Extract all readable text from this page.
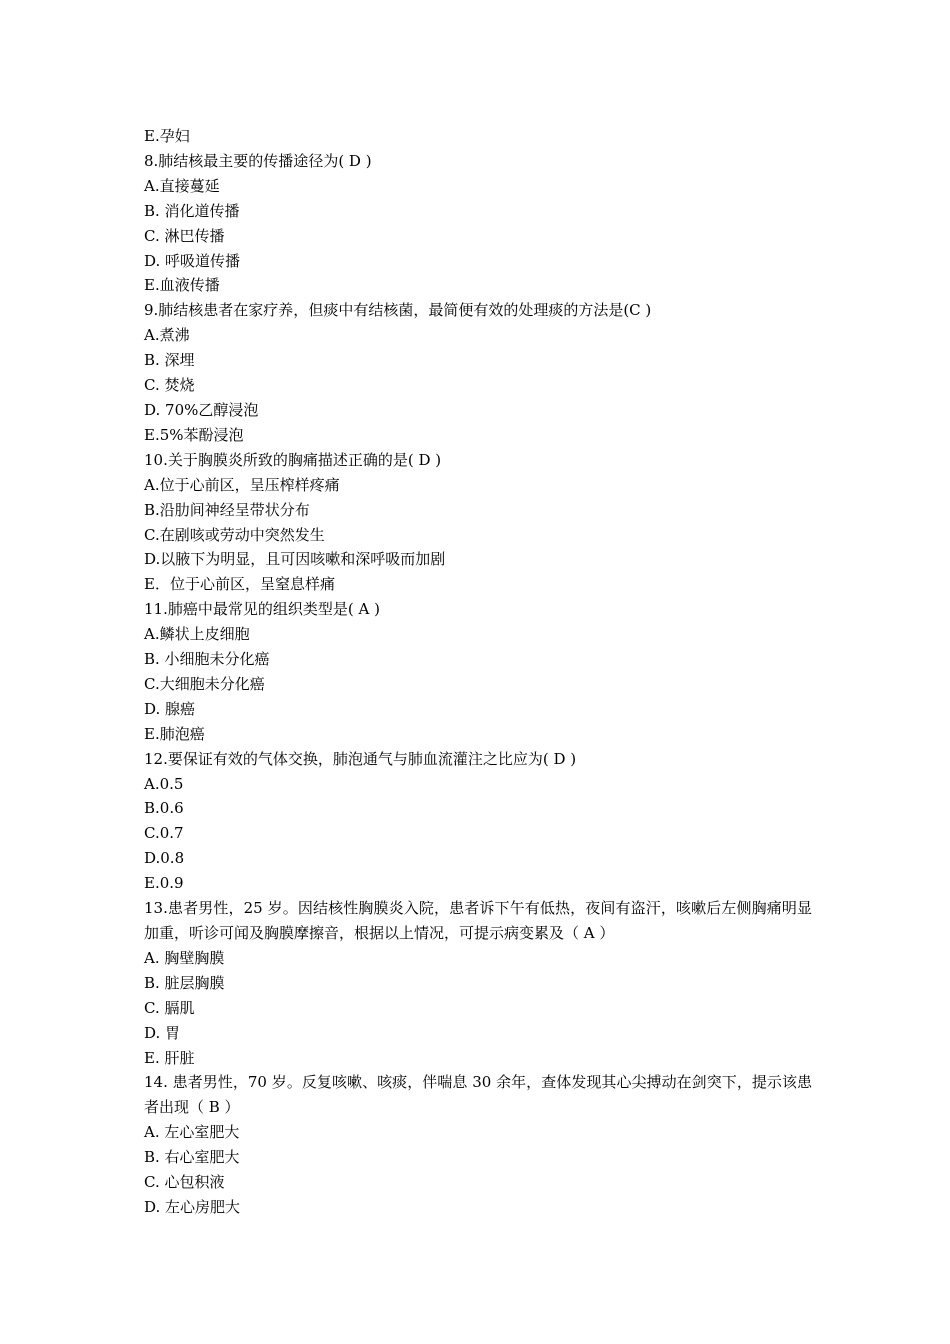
E.孕妇

8.肺结核最主要的传播途径为( D )

A.直接蔓延

B. 消化道传播

C. 淋巴传播

D. 呼吸道传播

E.血液传播

9.肺结核患者在家疗养，但痰中有结核菌，最简便有效的处理痰的方法是(C )

A.煮沸

B. 深埋

C. 焚烧

D. 70%乙醇浸泡

E.5%苯酚浸泡

10.关于胸膜炎所致的胸痛描述正确的是( D )

A.位于心前区，呈压榨样疼痛

B.沿肋间神经呈带状分布

C.在剧咳或劳动中突然发生

D.以腋下为明显，且可因咳嗽和深呼吸而加剧

E．位于心前区，呈窒息样痛

11.肺癌中最常见的组织类型是( A )

A.鳞状上皮细胞

B. 小细胞未分化癌

C.大细胞未分化癌

D. 腺癌

E.肺泡癌

12.要保证有效的气体交换，肺泡通气与肺血流灌注之比应为( D )

A.0.5

B.0.6

C.0.7

D.0.8

E.0.9

13.患者男性，25 岁。因结核性胸膜炎入院，患者诉下午有低热，夜间有盗汗，咳嗽后左侧胸痛明显加重，听诊可闻及胸膜摩擦音，根据以上情况，可提示病变累及（ A ）

A. 胸壁胸膜

B. 脏层胸膜

C. 膈肌

D. 胃

E. 肝脏

14. 患者男性，70 岁。反复咳嗽、咳痰，伴喘息 30 余年，查体发现其心尖搏动在剑突下，提示该患者出现（ B ）

A. 左心室肥大

B. 右心室肥大

C. 心包积液

D. 左心房肥大
